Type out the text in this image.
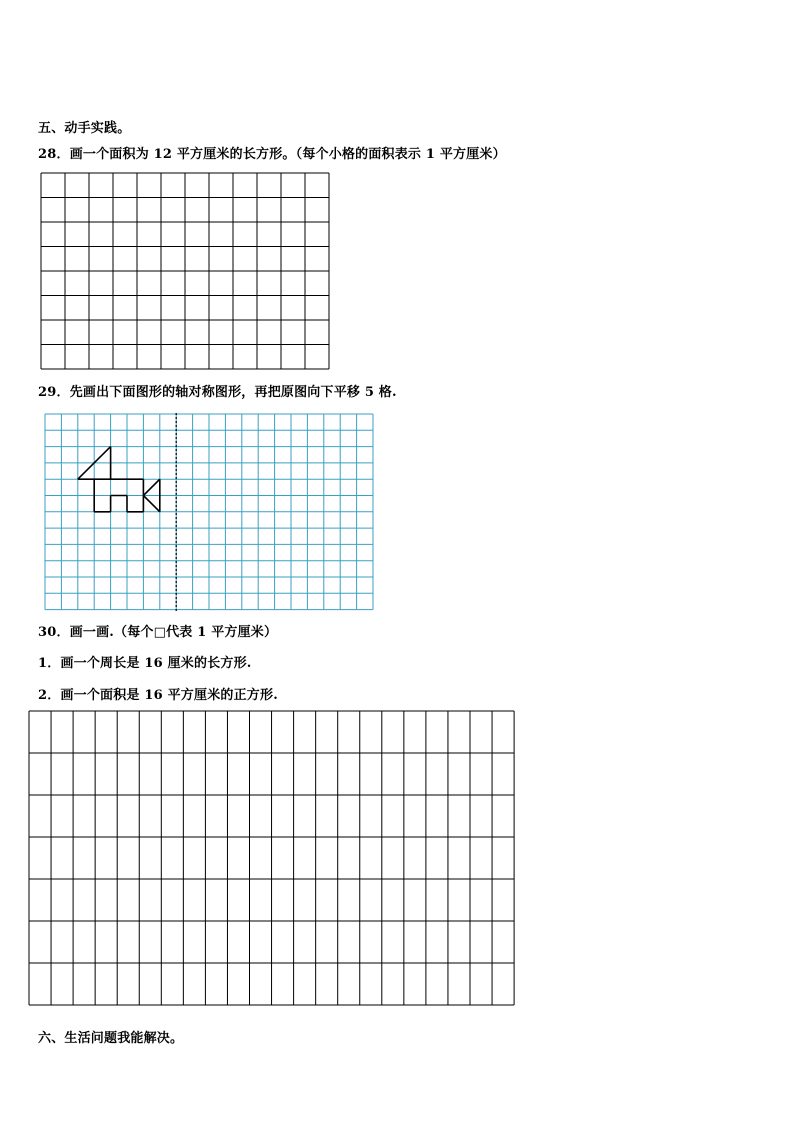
五、动手实践。
28．画一个面积为 12 平方厘米的长方形。（每个小格的面积表示 1 平方厘米）
29．先画出下面图形的轴对称图形，再把原图向下平移 5 格.
30．画一画.（每个□代表 1 平方厘米）
1．画一个周长是 16 厘米的长方形.
2．画一个面积是 16 平方厘米的正方形.
六、生活问题我能解决。
